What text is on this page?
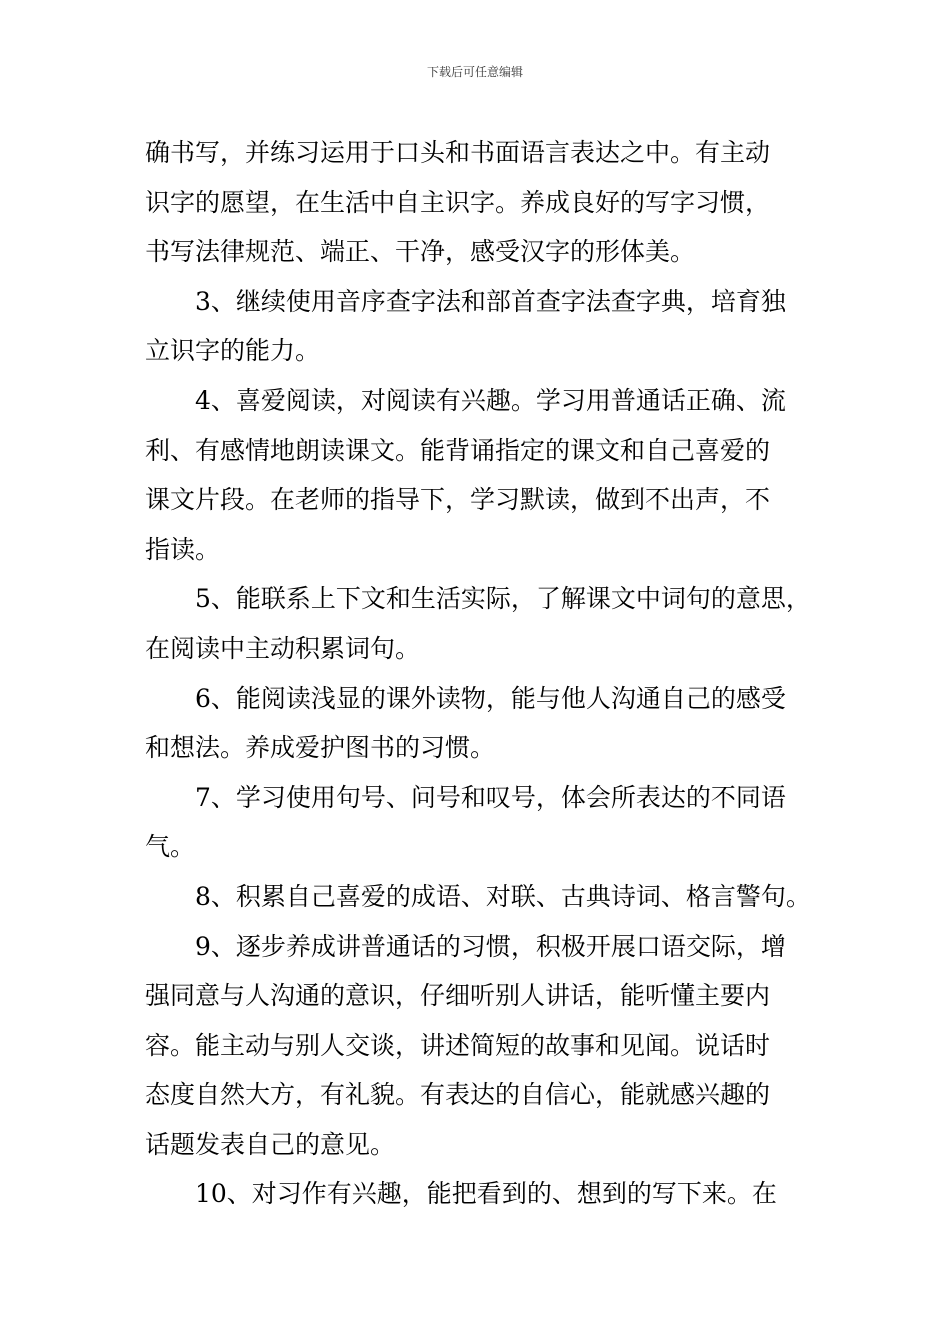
下载后可任意编辑
确书写，并练习运用于口头和书面语言表达之中。有主动
识字的愿望，在生活中自主识字。养成良好的写字习惯，
书写法律规范、端正、干净，感受汉字的形体美。
3、继续使用音序查字法和部首查字法查字典，培育独
立识字的能力。
4、喜爱阅读，对阅读有兴趣。学习用普通话正确、流
利、有感情地朗读课文。能背诵指定的课文和自己喜爱的
课文片段。在老师的指导下，学习默读，做到不出声，不
指读。
5、能联系上下文和生活实际，了解课文中词句的意思，
在阅读中主动积累词句。
6、能阅读浅显的课外读物，能与他人沟通自己的感受
和想法。养成爱护图书的习惯。
7、学习使用句号、问号和叹号，体会所表达的不同语
气。
8、积累自己喜爱的成语、对联、古典诗词、格言警句。
9、逐步养成讲普通话的习惯，积极开展口语交际，增
强同意与人沟通的意识，仔细听别人讲话，能听懂主要内
容。能主动与别人交谈，讲述简短的故事和见闻。说话时
态度自然大方，有礼貌。有表达的自信心，能就感兴趣的
话题发表自己的意见。
10、对习作有兴趣，能把看到的、想到的写下来。在
